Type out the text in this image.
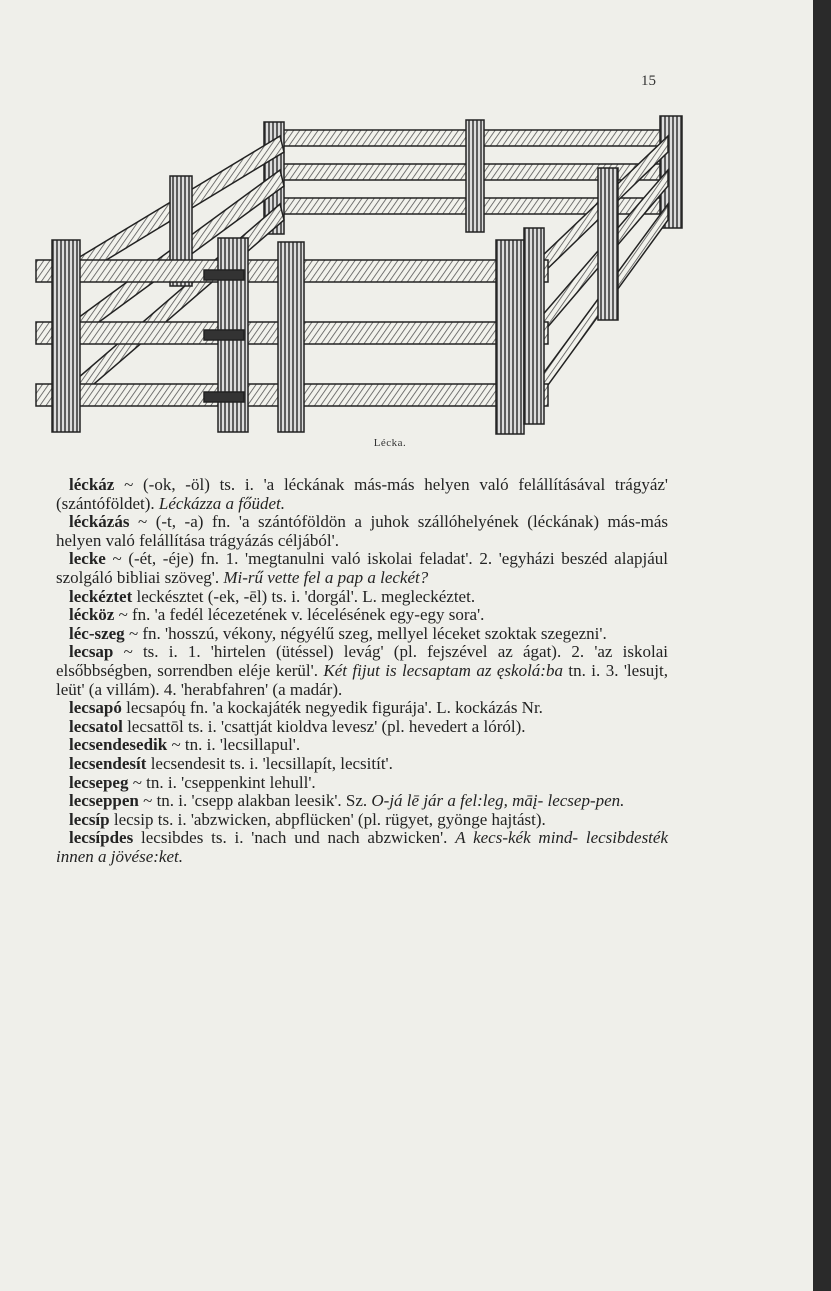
15
Lécka.

léckáz ~ (-ok, -öl) ts. i. 'a léckának más-más helyen való felállításával trágyáz' (szántóföldet). Léckázza a főüdet.

léckázás ~ (-t, -a) fn. 'a szántóföldön a juhok szállóhelyének (léckának) más-más helyen való felállítása trágyázás céljából'.

lecke ~ (-ét, -éje) fn. 1. 'megtanulni való iskolai feladat'. 2. 'egyházi beszéd alapjául szolgáló bibliai szöveg'. Mi-rű vette fel a pap a leckét?

leckéztet leckésztet (-ek, -ēl) ts. i. 'dorgál'. L. megleckéztet.

lécköz ~ fn. 'a fedél lécezetének v. lécelésének egy-egy sora'.

léc-szeg ~ fn. 'hosszú, vékony, négyélű szeg, mellyel léceket szoktak szegezni'.

lecsap ~ ts. i. 1. 'hirtelen (ütéssel) levág' (pl. fejszével az ágat). 2. 'az iskolai elsőbbségben, sorrendben eléje kerül'. Két fijut is lecsaptam az ęskolá:ba tn. i. 3. 'lesujt, leüt' (a villám). 4. 'herabfahren' (a madár).

lecsapó lecsapóų fn. 'a kockajáték negyedik figurája'. L. kockázás Nr.

lecsatol lecsattōl ts. i. 'csattját kioldva levesz' (pl. hevedert a lóról).

lecsendesedik ~ tn. i. 'lecsillapul'.

lecsendesít lecsendesit ts. i. 'lecsillapít, lecsitít'.

lecsepeg ~ tn. i. 'cseppenkint lehull'.

lecseppen ~ tn. i. 'csepp alakban leesik'. Sz. O-já lē jár a fel:leg, māį- lecsep-pen.

lecsíp lecsip ts. i. 'abzwicken, abpflücken' (pl. rügyet, gyönge hajtást).

lecsípdes lecsibdes ts. i. 'nach und nach abzwicken'. A kecs-kék mind- lecsibdesték innen a jövése:ket.
